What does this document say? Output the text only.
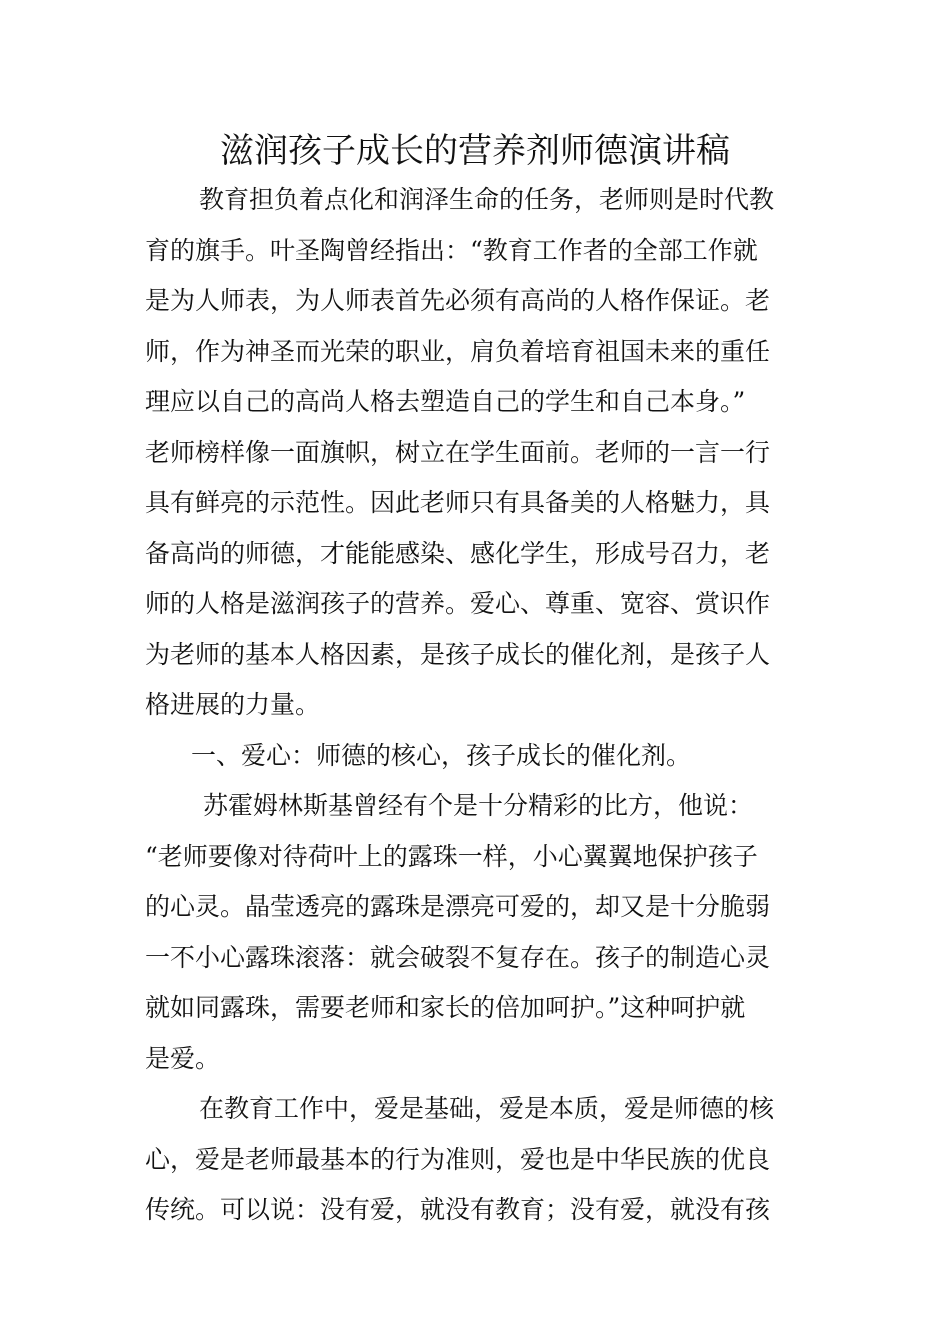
滋润孩子成长的营养剂师德演讲稿
教育担负着点化和润泽生命的任务，老师则是时代教
育的旗手。叶圣陶曾经指出：“教育工作者的全部工作就
是为人师表，为人师表首先必须有高尚的人格作保证。老
师，作为神圣而光荣的职业，肩负着培育祖国未来的重任
理应以自己的高尚人格去塑造自己的学生和自己本身。”
老师榜样像一面旗帜，树立在学生面前。老师的一言一行
具有鲜亮的示范性。因此老师只有具备美的人格魅力，具
备高尚的师德，才能能感染、感化学生，形成号召力，老
师的人格是滋润孩子的营养。爱心、尊重、宽容、赏识作
为老师的基本人格因素，是孩子成长的催化剂，是孩子人
格进展的力量。
一、爱心：师德的核心，孩子成长的催化剂。
苏霍姆林斯基曾经有个是十分精彩的比方，他说：
“老师要像对待荷叶上的露珠一样，小心翼翼地保护孩子
的心灵。晶莹透亮的露珠是漂亮可爱的，却又是十分脆弱
一不小心露珠滚落：就会破裂不复存在。孩子的制造心灵
就如同露珠，需要老师和家长的倍加呵护。”这种呵护就
是爱。
在教育工作中，爱是基础，爱是本质，爱是师德的核
心，爱是老师最基本的行为准则，爱也是中华民族的优良
传统。可以说：没有爱，就没有教育；没有爱，就没有孩
